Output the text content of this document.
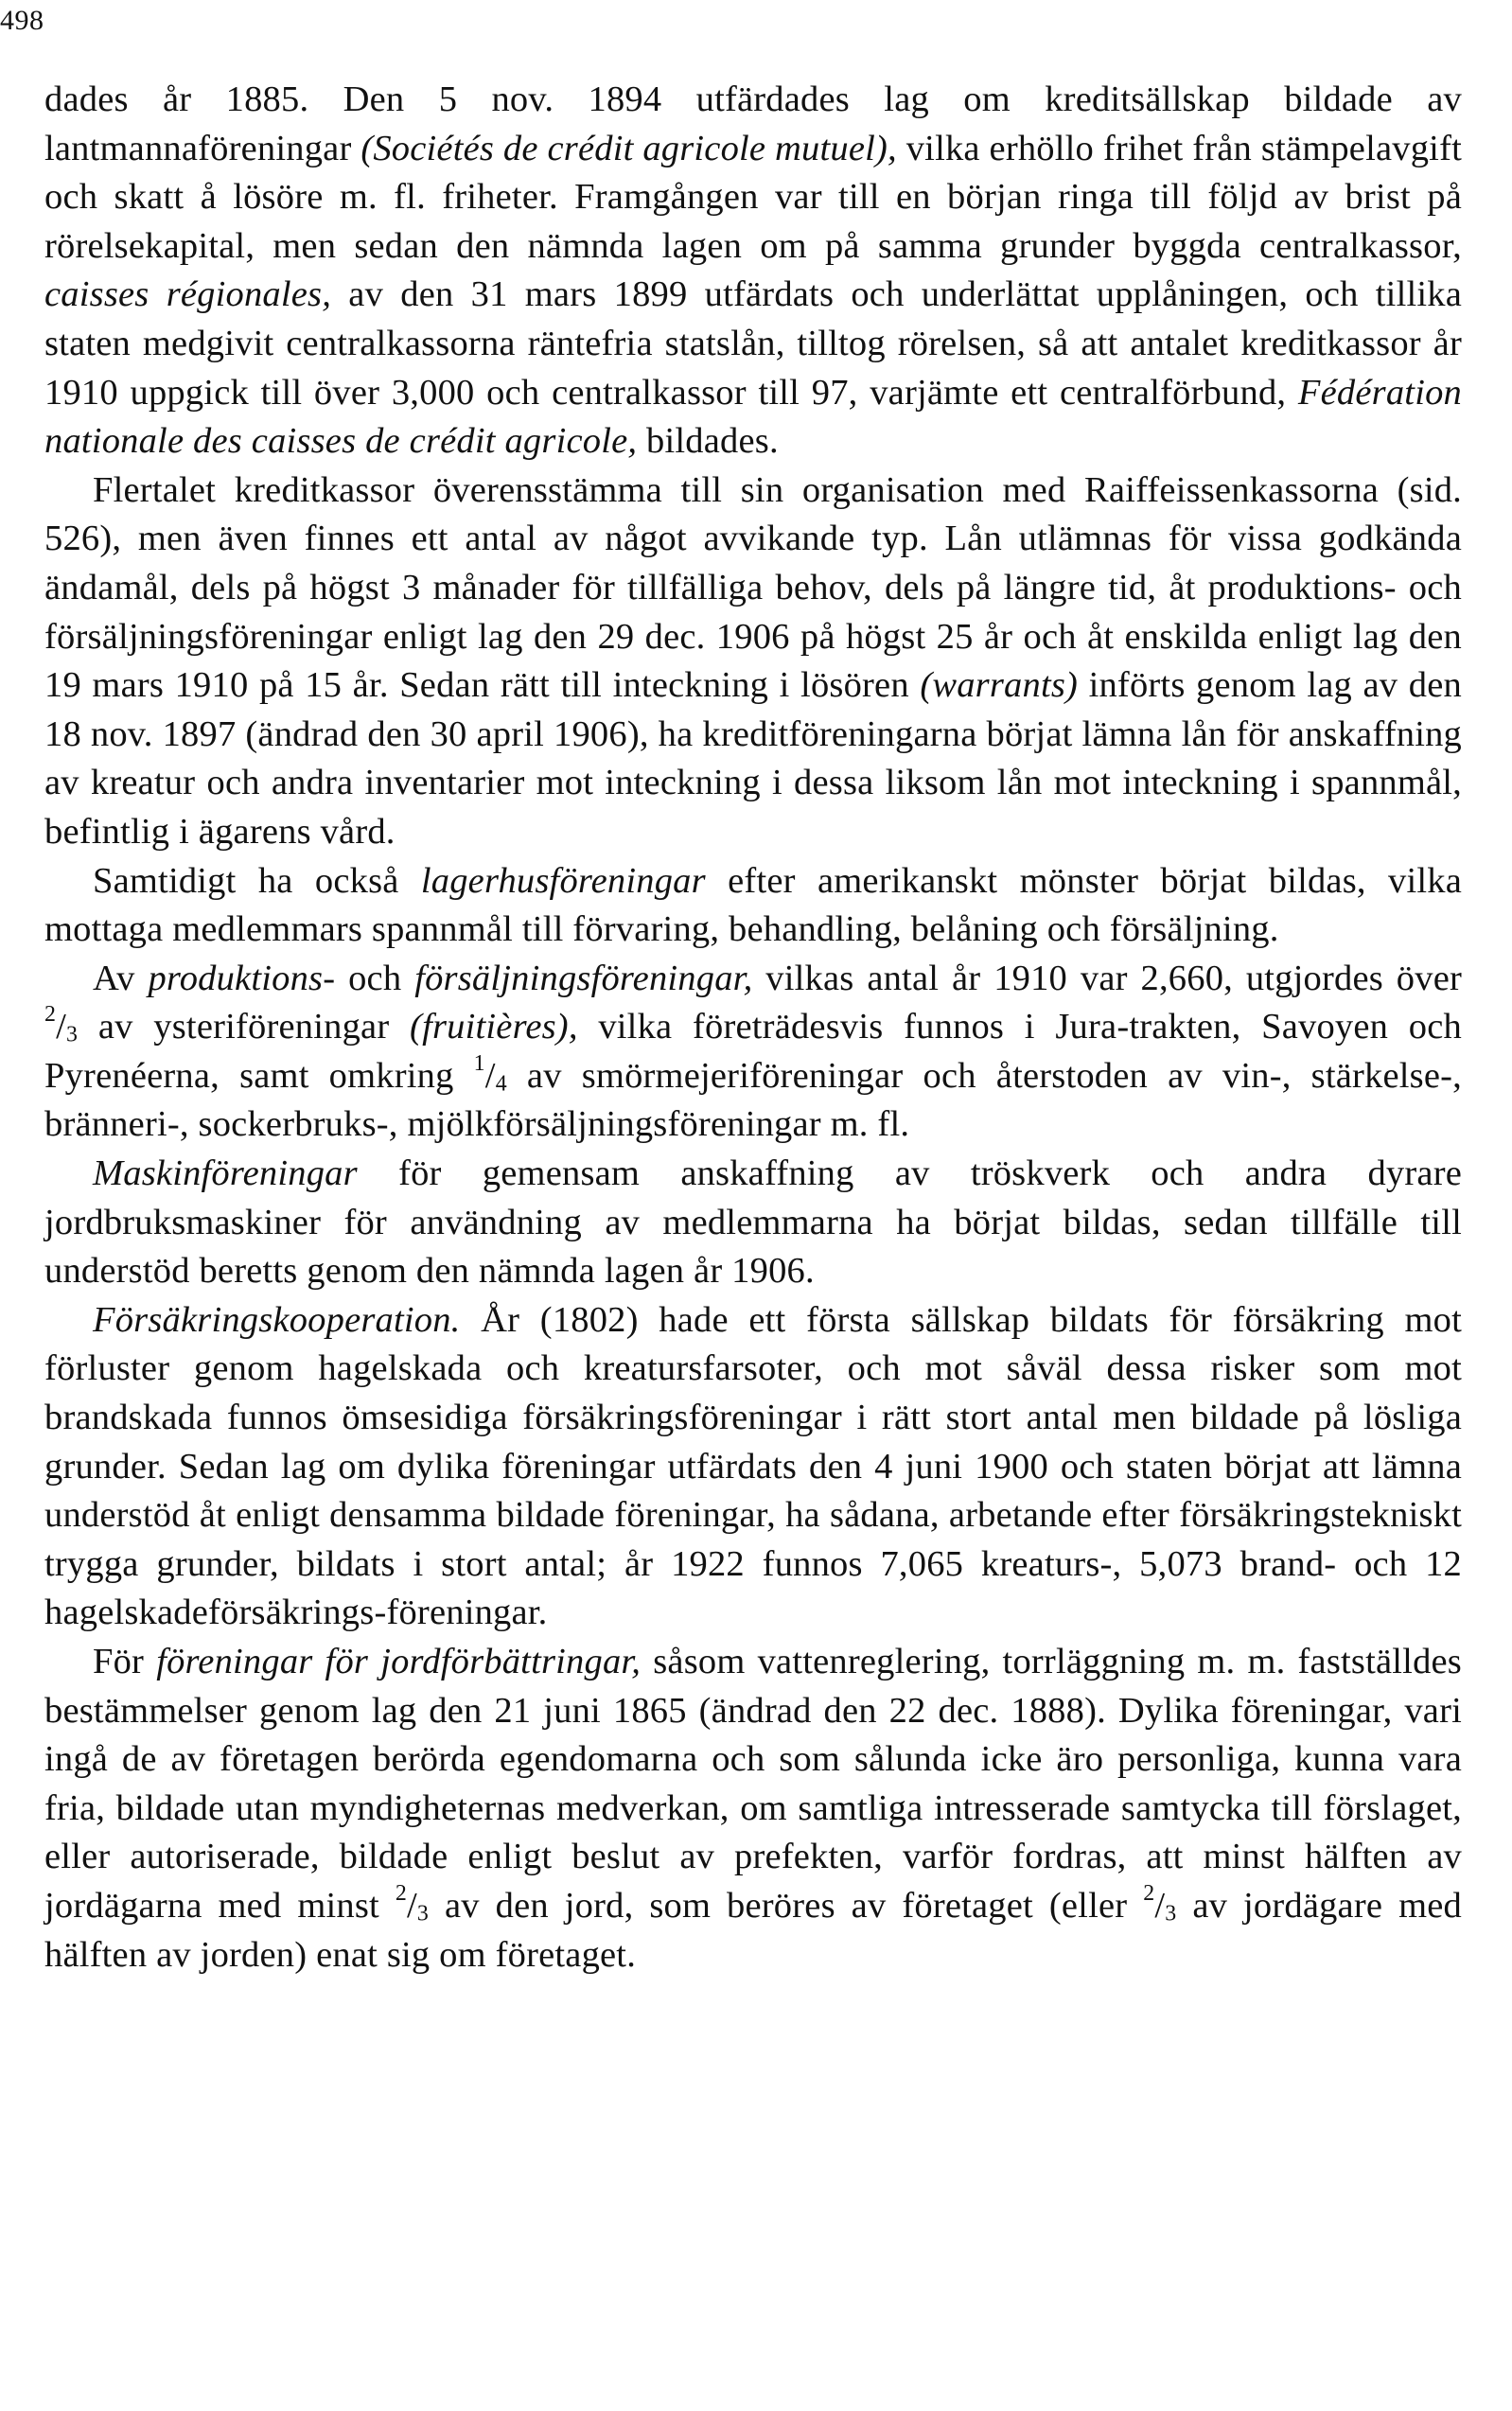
498

dades år 1885. Den 5 nov. 1894 utfärdades lag om kreditsällskap bildade av lantmannaföreningar (Sociétés de crédit agricole mutuel), vilka erhöllo frihet från stämpelavgift och skatt å lösöre m. fl. friheter. Framgången var till en början ringa till följd av brist på rörelsekapital, men sedan den nämnda lagen om på samma grunder byggda centralkassor, caisses régionales, av den 31 mars 1899 utfärdats och underlättat upplåningen, och tillika staten medgivit centralkassorna räntefria statslån, tilltog rörelsen, så att antalet kreditkassor år 1910 uppgick till över 3,000 och centralkassor till 97, varjämte ett centralförbund, Fédération nationale des caisses de crédit agricole, bildades.

Flertalet kreditkassor överensstämma till sin organisation med Raiffeissenkassorna (sid. 526), men även finnes ett antal av något avvikande typ. Lån utlämnas för vissa godkända ändamål, dels på högst 3 månader för tillfälliga behov, dels på längre tid, åt produktions- och försäljningsföreningar enligt lag den 29 dec. 1906 på högst 25 år och åt enskilda enligt lag den 19 mars 1910 på 15 år. Sedan rätt till inteckning i lösören (warrants) införts genom lag av den 18 nov. 1897 (ändrad den 30 april 1906), ha kreditföreningarna börjat lämna lån för anskaffning av kreatur och andra inventarier mot inteckning i dessa liksom lån mot inteckning i spannmål, befintlig i ägarens vård.

Samtidigt ha också lagerhusföreningar efter amerikanskt mönster börjat bildas, vilka mottaga medlemmars spannmål till förvaring, behandling, belåning och försäljning.

Av produktions- och försäljningsföreningar, vilkas antal år 1910 var 2,660, utgjordes över $^2/_3$ av ysteriföreningar (fruitières), vilka företrädesvis funnos i Jura-trakten, Savoyen och Pyrenéerna, samt omkring $^1/_4$ av smörmejeriföreningar och återstoden av vin-, stärkelse-, bränneri-, sockerbruks-, mjölkförsäljningsföreningar m. fl.

Maskinföreningar för gemensam anskaffning av tröskverk och andra dyrare jordbruksmaskiner för användning av medlemmarna ha börjat bildas, sedan tillfälle till understöd beretts genom den nämnda lagen år 1906.

Försäkringskooperation. År (1802) hade ett första sällskap bildats för försäkring mot förluster genom hagelskada och kreatursfarsoter, och mot såväl dessa risker som mot brandskada funnos ömsesidiga försäkringsföreningar i rätt stort antal men bildade på lösliga grunder. Sedan lag om dylika föreningar utfärdats den 4 juni 1900 och staten börjat att lämna understöd åt enligt densamma bildade föreningar, ha sådana, arbetande efter försäkringstekniskt trygga grunder, bildats i stort antal; år 1922 funnos 7,065 kreaturs-, 5,073 brand- och 12 hagelskadeförsäkrings-föreningar.

För föreningar för jordförbättringar, såsom vattenreglering, torrläggning m. m. fastställdes bestämmelser genom lag den 21 juni 1865 (ändrad den 22 dec. 1888). Dylika föreningar, vari ingå de av företagen berörda egendomarna och som sålunda icke äro personliga, kunna vara fria, bildade utan myndigheternas medverkan, om samtliga intresserade samtycka till förslaget, eller autoriserade, bildade enligt beslut av prefekten, varför fordras, att minst hälften av jordägarna med minst $^2/_3$ av den jord, som beröres av företaget (eller $^2/_3$ av jordägare med hälften av jorden) enat sig om företaget.
